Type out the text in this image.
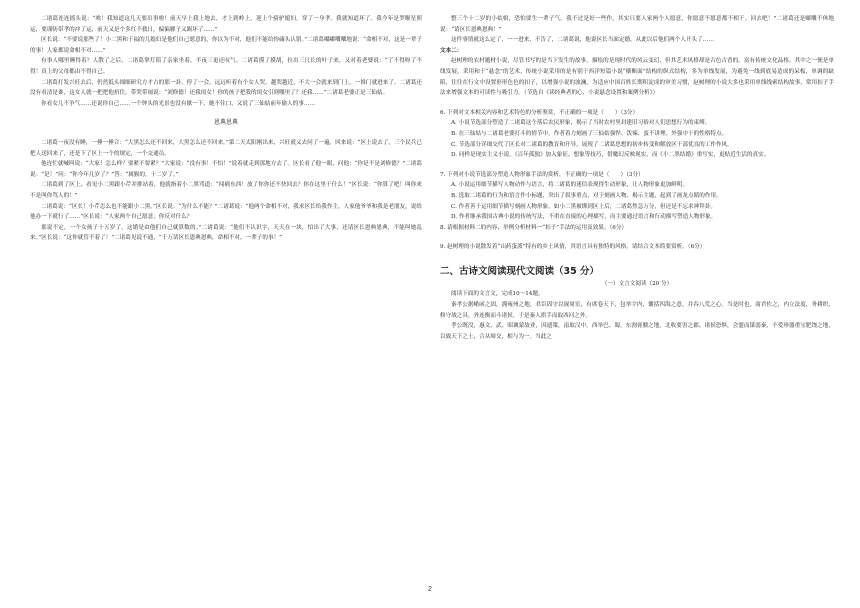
二诸葛连连摇头说：“唉！我知道这几天要出事啦！前天早上我上地去，才上到岭上，迎上个骑驴媳妇，穿了一身孝。我就知道坏了。我今年是罗睺星照运，要谨防带孝的冲了运，前天又是个多红不救日，偏偏骡子又踢坏了……”

区长说：“不要说那些了！小二黑和于福的儿媳妇是他们自己愿意的，你以为不对，他们不能给你磕头认错。”二诸葛嘟嘟囔囔地说：“命相不对，这是一辈子的事！人家都说命相不对……”

有事人哪里睡得着？人散了之后，二诸葛掌灯陪了亲家坐着，半夜三更还叹气。二诸葛摸了摸胡，拉出三尺长的叶子来，又对着老婆说：“了不得呀了不得！真上的父母都由不得自己。

二诸葛打发兴旺去后，仍然低头细细研究方才占的那一卦。停了一会，远远听着有个女人哭，越哭越近，不大一会就来到门上，一推门就进来了。二诸葛还没有看清是谁，这女人就一把把他扭住，带哭带闹说：“刘修德！还我闺女！你的孩子把我的闺女引到哪里了？还我……”二诸葛老婆正是三仙姑。

你看女儿不争气……还说你自己……一个钟头的光景也没有歇一下，她不住口，又说了三仙姑前年偷人的事……

恩典恩典

二诸葛一夜没有睡，一捶一捶合：“大黑怎么还不回来，大黑怎么还不回来。”第二天太阳刚出来，兴旺就又去问了一遍，回来说：“区上说去了，三个民兵已把人送回来了，还是下了区上一个的规定，一个交通员。

他连忙就喊叫说：“大家！怎么样？要紧不要紧？”大家说：“没有事！不怕！”说着就走到那地方去了。区长看了他一眼，问他：“你是不是刘修德？”二诸葛说：“是！”问：“你今年几岁了？”答：“属猴的，十二岁了。”

二诸葛到了区上，看见小二黑跟小芹并排站着，他就指着小二黑骂道：“闯祸东西！放了你你还不快回去？你在这里干什么！”区长说：“你算了吧！叫你来不是叫你骂人的！”

二诸葛说：“区长！小芹怎么也不能跟小二黑。”区长说：“为什么不能？”二诸葛说：“他两个命相不对，我求区长给我作主，人家他爷爷和我是老朋友，说给他办一下就行了……”区长说：“人家两个自己愿意，你反对什么？

那说不定，一个女孩子十五岁了，这婚是由他们自己就算数的。”二诸葛说：“他们不认识字，天天在一块，怕出了大事，还请区长恩典恩典，不能叫她乱来。”区长说：“这你就管不着了！”二诸葛见说不通，“千万请区长恩典恩典，命相不对，一辈子的事！”

整三个十二岁的小姑娘，恐怕要生一辈子气。我不过是好一些作，其实只要人家两个人愿意，你愿意不愿意都不相干。回去吧！”二诸葛还是嘟囔不休地说：“请区长恩典恩典！”

这件事情就这么定了，一一进来，不告了，二诸葛说，他说区长当面定婚，从此以后他们两个人开头了……

文本二：

赵树理的农村题材小说，尽管书写的是当下发生的故事，描绘的是现时代的风云变幻，但其艺术风格却是古色古香的，富有传统文化品格。其中之一便是单线发展，采用和于“悬念”的艺术，传统小说采用的是有别于西洋短篇小说“横断面”结构的纵式结构，多为单线发展，为避免一线到底易造成的呆板，单调的缺陷，往往在行文中设置形形色色的扣子，以增强小说的波澜。为适应中国百姓长期积淀成的审美习惯，赵树理的小说大多也采用单线线索结构故事，常用扣子手法来增强文本的可读性与吸引力。（节选自《读经典者的心，小说悬念设置和案例分析》）

6. 下列对文本相关内容和艺术特色的分析鉴赏，不正确的一项是（　　）（3分）

A. 小说节选部分塑造了二诸葛这个落后农民形象，揭示了当时农村里封建旧习俗对人们思想行为的束缚。

B. 在三仙姑与二诸葛老婆打斗的情节中，作者着力刻画了三仙姑强悍、泼辣、蛮不讲理、外强中干的性格特点。

C. 节选部分详细交代了区长对二诸葛的教育和开导，展现了二诸葛思想的初步转变和解放区干部优良的工作作风。

D. 同样是现实主义小说，《百年孤独》加入象征、想象等技巧，借魔幻反映现实，而《小二黑结婚》重写实，更贴近生活的真实。

7. 下列对小说节选部分塑造人物形象手法的赏析，不正确的一项是（　　）（3分）

A. 小说运用细节描写人物动作与语言，将二诸葛的迷信表现得生动形象，让人物形象更加鲜明。

B. 选取二诸葛的行为和语言作小标题，突出了叙事重点，对于刻画人物、揭示主题，起到了画龙点睛的作用。

C. 作者善于运用细节描写刻画人物形象。如小二黑被绑到区上后，二诸葛焦急万分，但还是不忘求神拜卦。

D. 作者继承我国古典小说的传统写法，不重在直接的心理描写，而主要通过语言和行动描写塑造人物形象。

8. 请根据材料二的内容，举例分析材料一“扣子”手法的运用及效果。（6分）

9. 赵树理的小说散发着“山药蛋派”特有的乡土风情，其语言具有独特的风格。请结合文本简要赏析。（6分）

二、古诗文阅读现代文阅读（35 分）

（一）文言文阅读（20 分）

阅读下面的文言文，完成10～14题。

秦孝公据崤函之固，拥雍州之地，君臣固守以窥周室，有席卷天下，包举宇内，囊括四海之意，并吞八荒之心。当是时也，商君佐之，内立法度，务耕织，修守战之具，外连衡而斗诸侯。于是秦人拱手而取西河之外。

孝公既没，惠文、武、昭襄蒙故业，因遗策，南取汉中，西举巴、蜀，东割膏腴之地，北收要害之郡。诸侯恐惧，会盟而谋弱秦，不爱珍器重宝肥饶之地，以致天下之士，合从缔交，相与为一。当此之

2
